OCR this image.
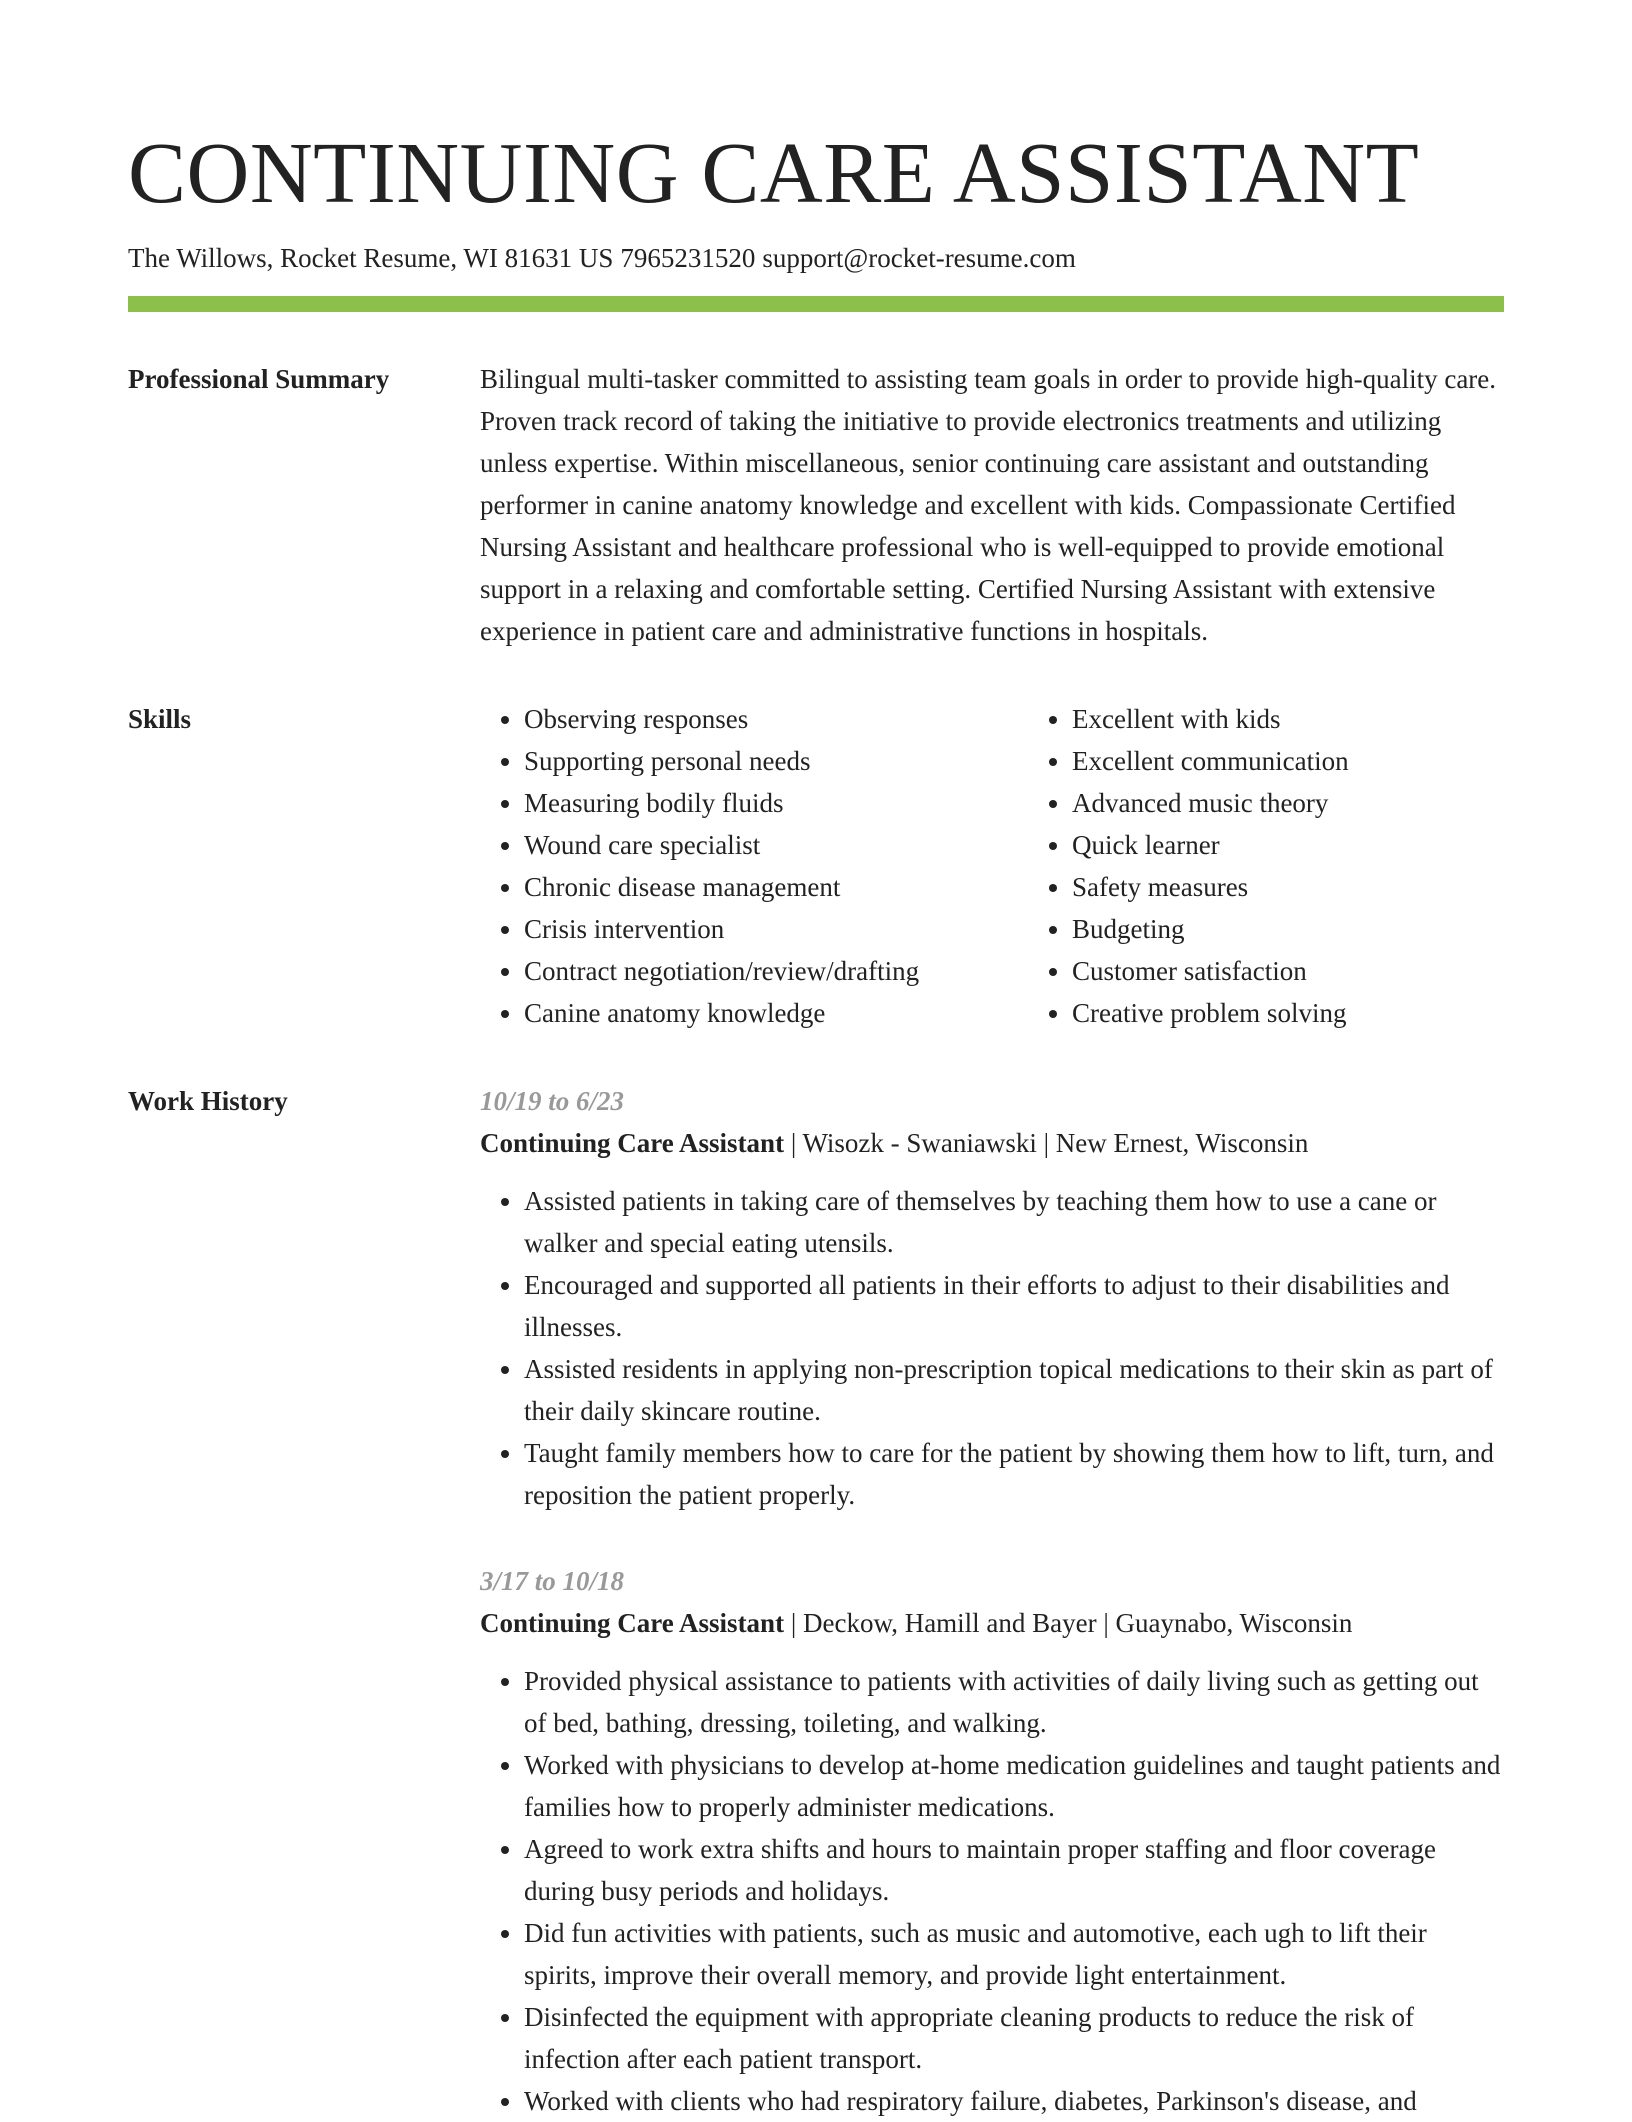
CONTINUING CARE ASSISTANT
The Willows, Rocket Resume, WI 81631 US 7965231520 support@rocket-resume.com
Professional Summary	Bilingual multi-tasker committed to assisting team goals in order to provide high-quality care. Proven track record of taking the initiative to provide electronics treatments and utilizing unless expertise. Within miscellaneous, senior continuing care assistant and outstanding performer in canine anatomy knowledge and excellent with kids. Compassionate Certified Nursing Assistant and healthcare professional who is well-equipped to provide emotional support in a relaxing and comfortable setting. Certified Nursing Assistant with extensive experience in patient care and administrative functions in hospitals.

Skills
•	Observing responses
• Supporting personal needs
• Measuring bodily fluids
• Wound care specialist
• Chronic disease management
• Crisis intervention
• Contract negotiation/review/drafting
• Canine anatomy knowledge
• Excellent with kids
• Excellent communication
• Advanced music theory
• Quick learner
• Safety measures
• Budgeting
• Customer satisfaction
• Creative problem solving
Work History	10/19 to 6/23
Continuing Care Assistant | Wisozk - Swaniawski | New Ernest, Wisconsin
• Assisted patients in taking care of themselves by teaching them how to use a cane or walker and special eating utensils.
• Encouraged and supported all patients in their efforts to adjust to their disabilities and illnesses.
• Assisted residents in applying non-prescription topical medications to their skin as part of their daily skincare routine.
• Taught family members how to care for the patient by showing them how to lift, turn, and reposition the patient properly.
3/17 to 10/18
Continuing Care Assistant | Deckow, Hamill and Bayer | Guaynabo, Wisconsin
• Provided physical assistance to patients with activities of daily living such as getting out of bed, bathing, dressing, toileting, and walking.
• Worked with physicians to develop at-home medication guidelines and taught patients and families how to properly administer medications.
• Agreed to work extra shifts and hours to maintain proper staffing and floor coverage during busy periods and holidays.
• Did fun activities with patients, such as music and automotive, each ugh to lift their spirits, improve their overall memory, and provide light entertainment.
• Disinfected the equipment with appropriate cleaning products to reduce the risk of infection after each patient transport.
• Worked with clients who had respiratory failure, diabetes, Parkinson's disease, and
